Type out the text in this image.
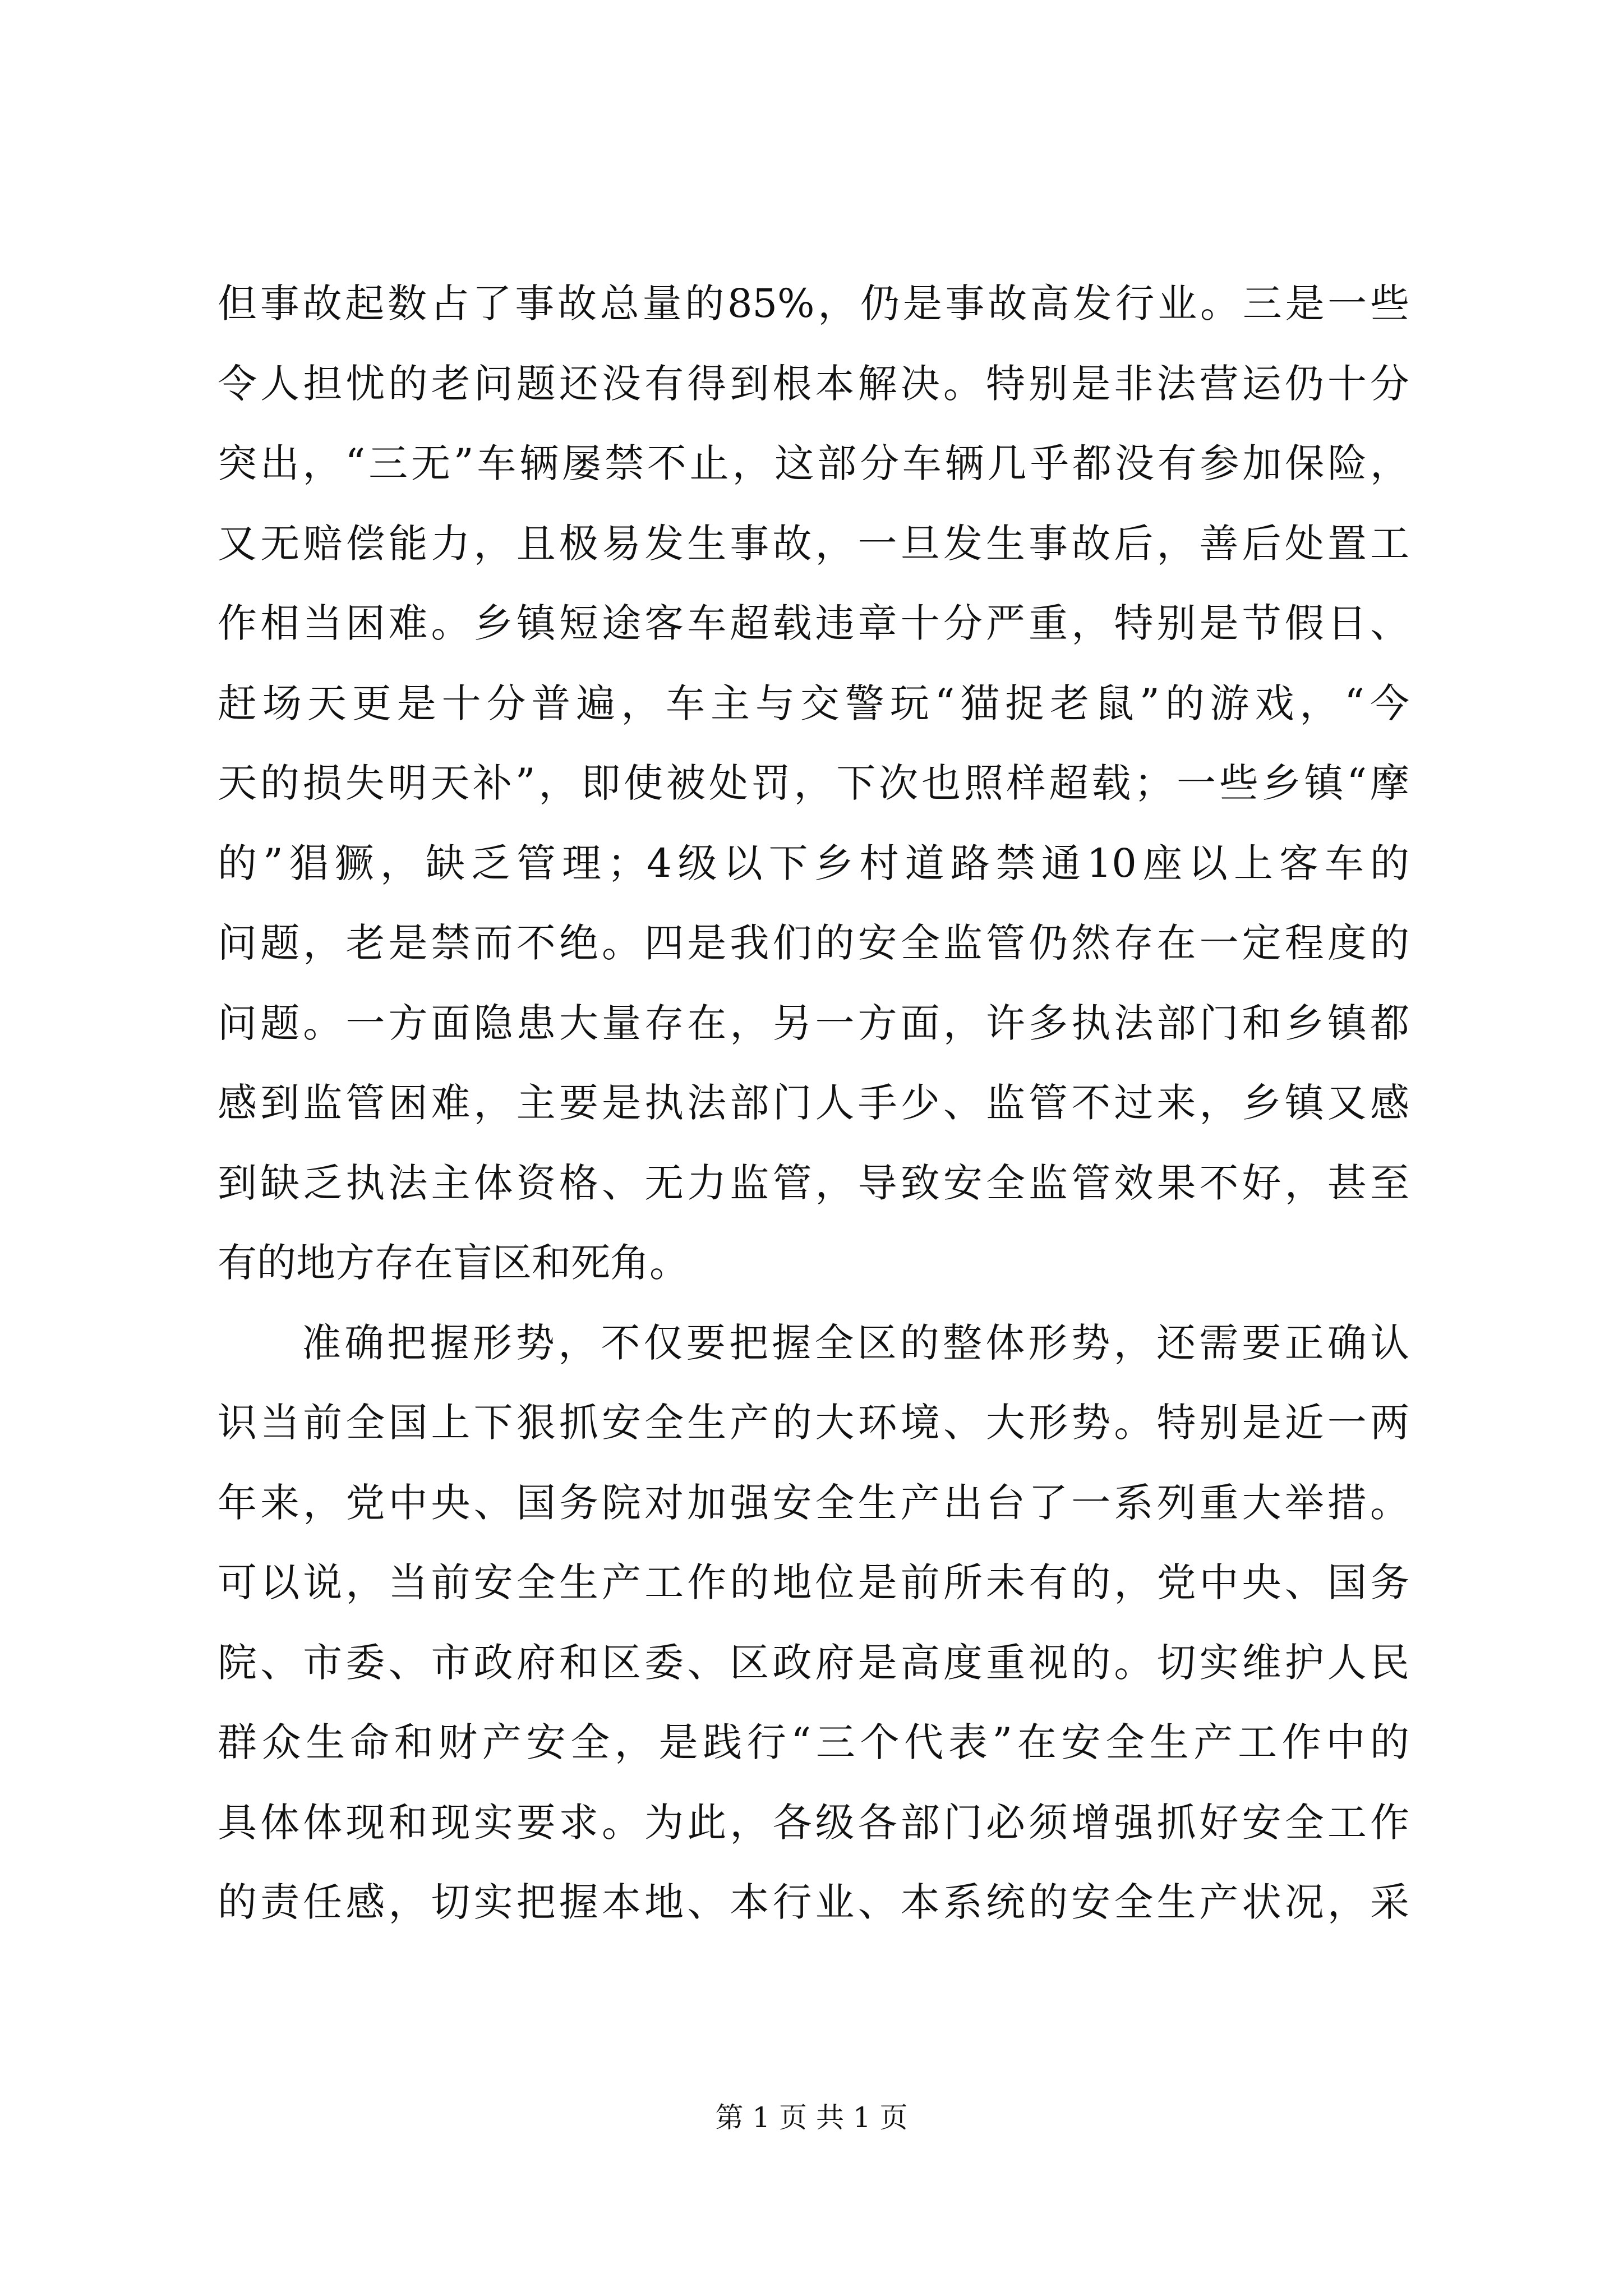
但事故起数占了事故总量的85%，仍是事故高发行业。三是一些
令人担忧的老问题还没有得到根本解决。特别是非法营运仍十分
突出，“三无”车辆屡禁不止，这部分车辆几乎都没有参加保险，
又无赔偿能力，且极易发生事故，一旦发生事故后，善后处置工
作相当困难。乡镇短途客车超载违章十分严重，特别是节假日、
赶场天更是十分普遍，车主与交警玩“猫捉老鼠”的游戏，“今
天的损失明天补”，即使被处罚，下次也照样超载；一些乡镇“摩
的”猖獗，缺乏管理；4级以下乡村道路禁通10座以上客车的
问题，老是禁而不绝。四是我们的安全监管仍然存在一定程度的
问题。一方面隐患大量存在，另一方面，许多执法部门和乡镇都
感到监管困难，主要是执法部门人手少、监管不过来，乡镇又感
到缺乏执法主体资格、无力监管，导致安全监管效果不好，甚至
有的地方存在盲区和死角。
准确把握形势，不仅要把握全区的整体形势，还需要正确认
识当前全国上下狠抓安全生产的大环境、大形势。特别是近一两
年来，党中央、国务院对加强安全生产出台了一系列重大举措。
可以说，当前安全生产工作的地位是前所未有的，党中央、国务
院、市委、市政府和区委、区政府是高度重视的。切实维护人民
群众生命和财产安全，是践行“三个代表”在安全生产工作中的
具体体现和现实要求。为此，各级各部门必须增强抓好安全工作
的责任感，切实把握本地、本行业、本系统的安全生产状况，采
第 1 页 共 1 页
